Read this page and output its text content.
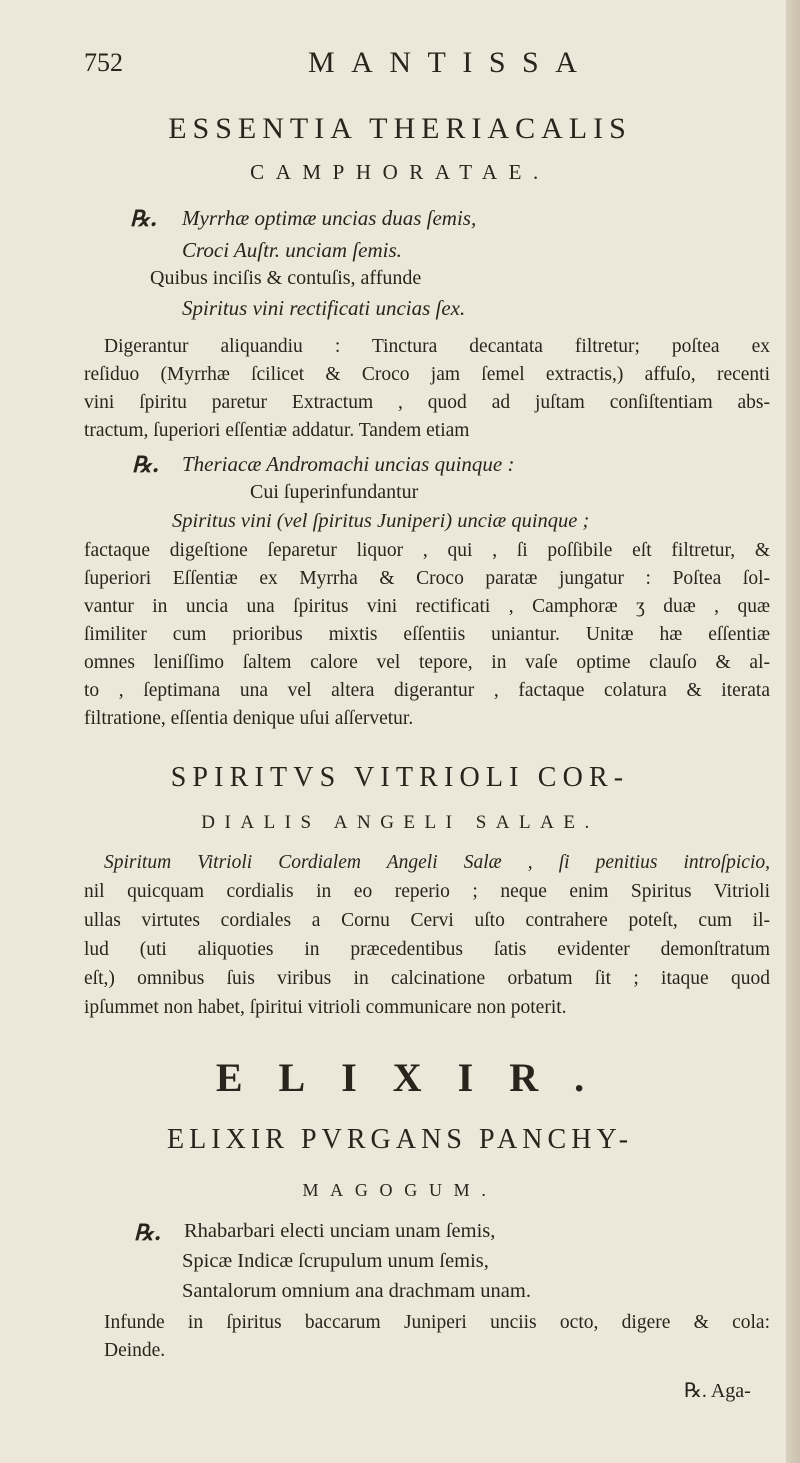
752	MANTISSA
ESSENTIA THERIACALIS
CAMPHORATAE.
℞. Myrrhæ optimæ uncias duas ſemis,
Croci Auſtr. unciam ſemis.
Quibus inciſis & contuſis, affunde
Spiritus vini rectificati uncias ſex.
Digerantur aliquandiu : Tinctura decantata filtretur; poſtea ex
reſiduo (Myrrhæ ſcilicet & Croco jam ſemel extractis,) affuſo, recenti
vini ſpiritu paretur Extractum , quod ad juſtam conſiſtentiam abs-
tractum, ſuperiori eſſentiæ addatur. Tandem etiam
℞. Theriacæ Andromachi uncias quinque :
Cui ſuperinfundantur
Spiritus vini (vel ſpiritus Juniperi) unciæ quinque ;
factaque digeſtione ſeparetur liquor , qui , ſi poſſibile eſt filtretur, &
ſuperiori Eſſentiæ ex Myrrha & Croco paratæ jungatur : Poſtea ſol-
vantur in uncia una ſpiritus vini rectificati , Camphoræ ʒ duæ , quæ
ſimiliter cum prioribus mixtis eſſentiis uniantur. Unitæ hæ eſſentiæ
omnes leniſſimo ſaltem calore vel tepore, in vaſe optime clauſo & al-
to , ſeptimana una vel altera digerantur , factaque colatura & iterata
filtratione, eſſentia denique uſui aſſervetur.
SPIRITVS VITRIOLI COR-
DIALIS ANGELI SALAE.
Spiritum Vitrioli Cordialem Angeli Salæ , ſi penitius introſpicio,
nil quicquam cordialis in eo reperio ; neque enim Spiritus Vitrioli
ullas virtutes cordiales a Cornu Cervi uſto contrahere poteſt, cum il-
lud (uti aliquoties in præcedentibus ſatis evidenter demonſtratum
eſt,) omnibus ſuis viribus in calcinatione orbatum ſit ; itaque quod
ipſummet non habet, ſpiritui vitrioli communicare non poterit.
ELIXIR.
ELIXIR PVRGANS PANCHY-
MAGOGUM.
℞. Rhabarbari electi unciam unam ſemis,
Spicæ Indicæ ſcrupulum unum ſemis,
Santalorum omnium ana drachmam unam.
Infunde in ſpiritus baccarum Juniperi unciis octo, digere & cola:
Deinde.
℞. Aga-
